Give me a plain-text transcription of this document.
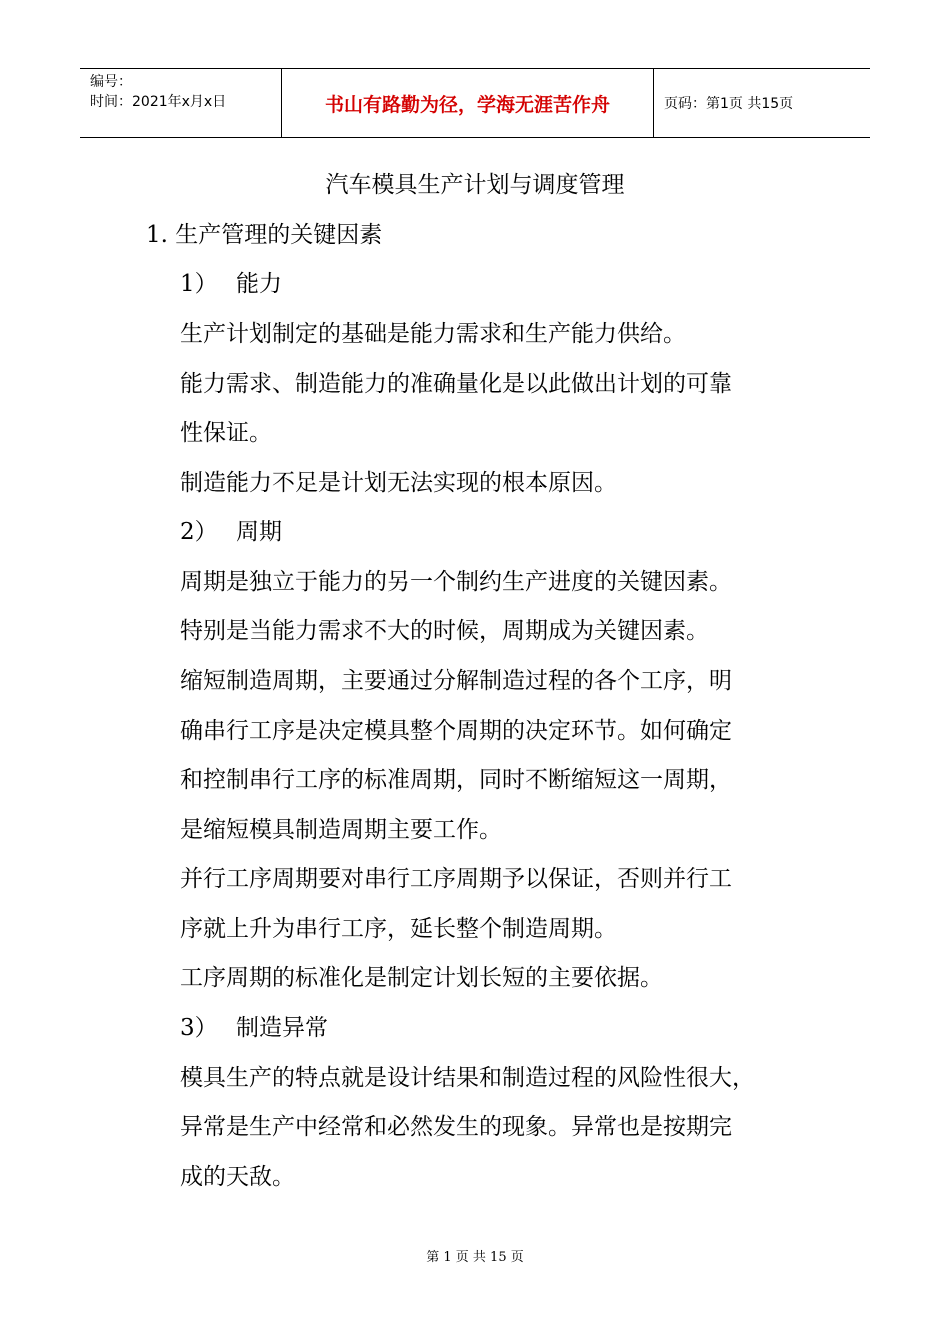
编号：
时间：2021年x月x日	书山有路勤为径，学海无涯苦作舟	页码：第1页 共15页
汽车模具生产计划与调度管理
1. 生产管理的关键因素
1） 能力
生产计划制定的基础是能力需求和生产能力供给。
能力需求、制造能力的准确量化是以此做出计划的可靠
性保证。
制造能力不足是计划无法实现的根本原因。
2） 周期
周期是独立于能力的另一个制约生产进度的关键因素。
特别是当能力需求不大的时候，周期成为关键因素。
缩短制造周期，主要通过分解制造过程的各个工序，明
确串行工序是决定模具整个周期的决定环节。如何确定
和控制串行工序的标准周期，同时不断缩短这一周期，
是缩短模具制造周期主要工作。
并行工序周期要对串行工序周期予以保证，否则并行工
序就上升为串行工序，延长整个制造周期。
工序周期的标准化是制定计划长短的主要依据。
3） 制造异常
模具生产的特点就是设计结果和制造过程的风险性很大，
异常是生产中经常和必然发生的现象。异常也是按期完
成的天敌。
第 1 页 共 15 页
